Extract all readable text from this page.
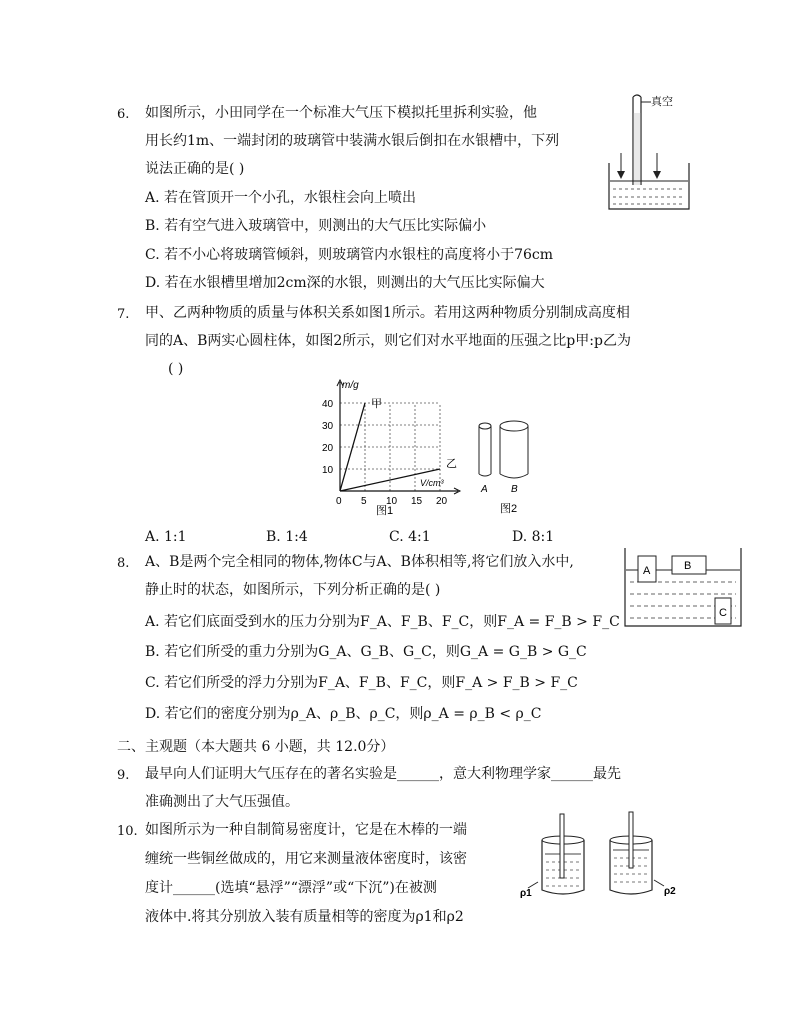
6. 如图所示，小田同学在一个标准大气压下模拟托里拆利实验，他
用长约1m、一端封闭的玻璃管中装满水银后倒扣在水银槽中，下列
说法正确的是( )
A. 若在管顶开一个小孔，水银柱会向上喷出
B. 若有空气进入玻璃管中，则测出的大气压比实际偏小
C. 若不小心将玻璃管倾斜，则玻璃管内水银柱的高度将小于76cm
D. 若在水银槽里增加2cm深的水银，则测出的大气压比实际偏大
真空
7. 甲、乙两种物质的质量与体积关系如图1所示。若用这两种物质分别制成高度相
同的A、B两实心圆柱体，如图2所示，则它们对水平地面的压强之比p甲:p乙为
( )
m/g
V/cm³
0 5 10 15 20
10
20
30
40	甲
乙
图1
A B
图2
A. 1:1	B. 1:4	C. 4:1	D. 8:1
8. A、B是两个完全相同的物体,物体C与A、B体积相等,将它们放入水中,
静止时的状态，如图所示，下列分析正确的是( )
A. 若它们底面受到水的压力分别为F_A、F_B、F_C，则F_A = F_B > F_C
B. 若它们所受的重力分别为G_A、G_B、G_C，则G_A = G_B > G_C
C. 若它们所受的浮力分别为F_A、F_B、F_C，则F_A > F_B > F_C
D. 若它们的密度分别为ρ_A、ρ_B、ρ_C，则ρ_A = ρ_B < ρ_C
A	B
C
二、主观题（本大题共 6 小题，共 12.0分）
9. 最早向人们证明大气压存在的著名实验是______，意大利物理学家______最先
准确测出了大气压强值。
10. 如图所示为一种自制简易密度计，它是在木棒的一端
缠统一些铜丝做成的，用它来测量液体密度时，该密
度计______(选填“悬浮”“漂浮”或“下沉”)在被测
液体中.将其分别放入装有质量相等的密度为ρ1和ρ2
ρ1	ρ2
